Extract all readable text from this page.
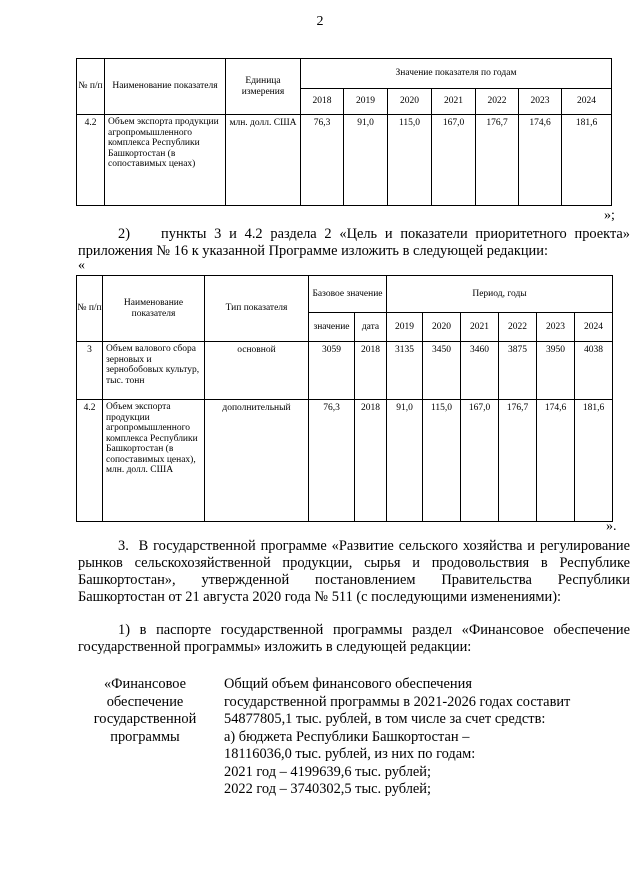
2
№ п/п	Наименование показателя	Единица измерения	Значение показателя по годам						
			2018	2019	2020	2021	2022	2023	2024
4.2	Объем экспорта продукции агропромышленного комплекса Республики Башкортостан (в сопоставимых ценах)	млн. долл. США	76,3	91,0	115,0	167,0	176,7	174,6	181,6
»;
2)    пункты 3 и 4.2 раздела 2 «Цель и показатели приоритетного проекта» приложения № 16 к указанной Программе изложить в следующей редакции:
«
№ п/п	Наименование показателя	Тип показателя	Базовое значение		Период, годы					
			значение	дата	2019	2020	2021	2022	2023	2024
3	Объем валового сбора зерновых и зернобобовых культур, тыс. тонн	основной	3059	2018	3135	3450	3460	3875	3950	4038
4.2	Объем экспорта продукции агропромышленного комплекса Республики Башкортостан (в сопоставимых ценах), млн. долл. США	дополнительный	76,3	2018	91,0	115,0	167,0	176,7	174,6	181,6
».
3.  В государственной программе «Развитие сельского хозяйства и регулирование рынков сельскохозяйственной продукции, сырья и продовольствия в Республике Башкортостан», утвержденной постановлением Правительства Республики Башкортостан от 21 августа 2020 года № 511 (с последующими изменениями):
1) в паспорте государственной программы раздел «Финансовое обеспечение государственной программы» изложить в следующей редакции:
«Финансовое обеспечение государственной программы
Общий объем финансового обеспечения
государственной программы в 2021-2026 годах составит
54877805,1 тыс. рублей, в том числе за счет средств:
а) бюджета Республики Башкортостан –
18116036,0 тыс. рублей, из них по годам:
2021 год – 4199639,6 тыс. рублей;
2022 год – 3740302,5 тыс. рублей;
